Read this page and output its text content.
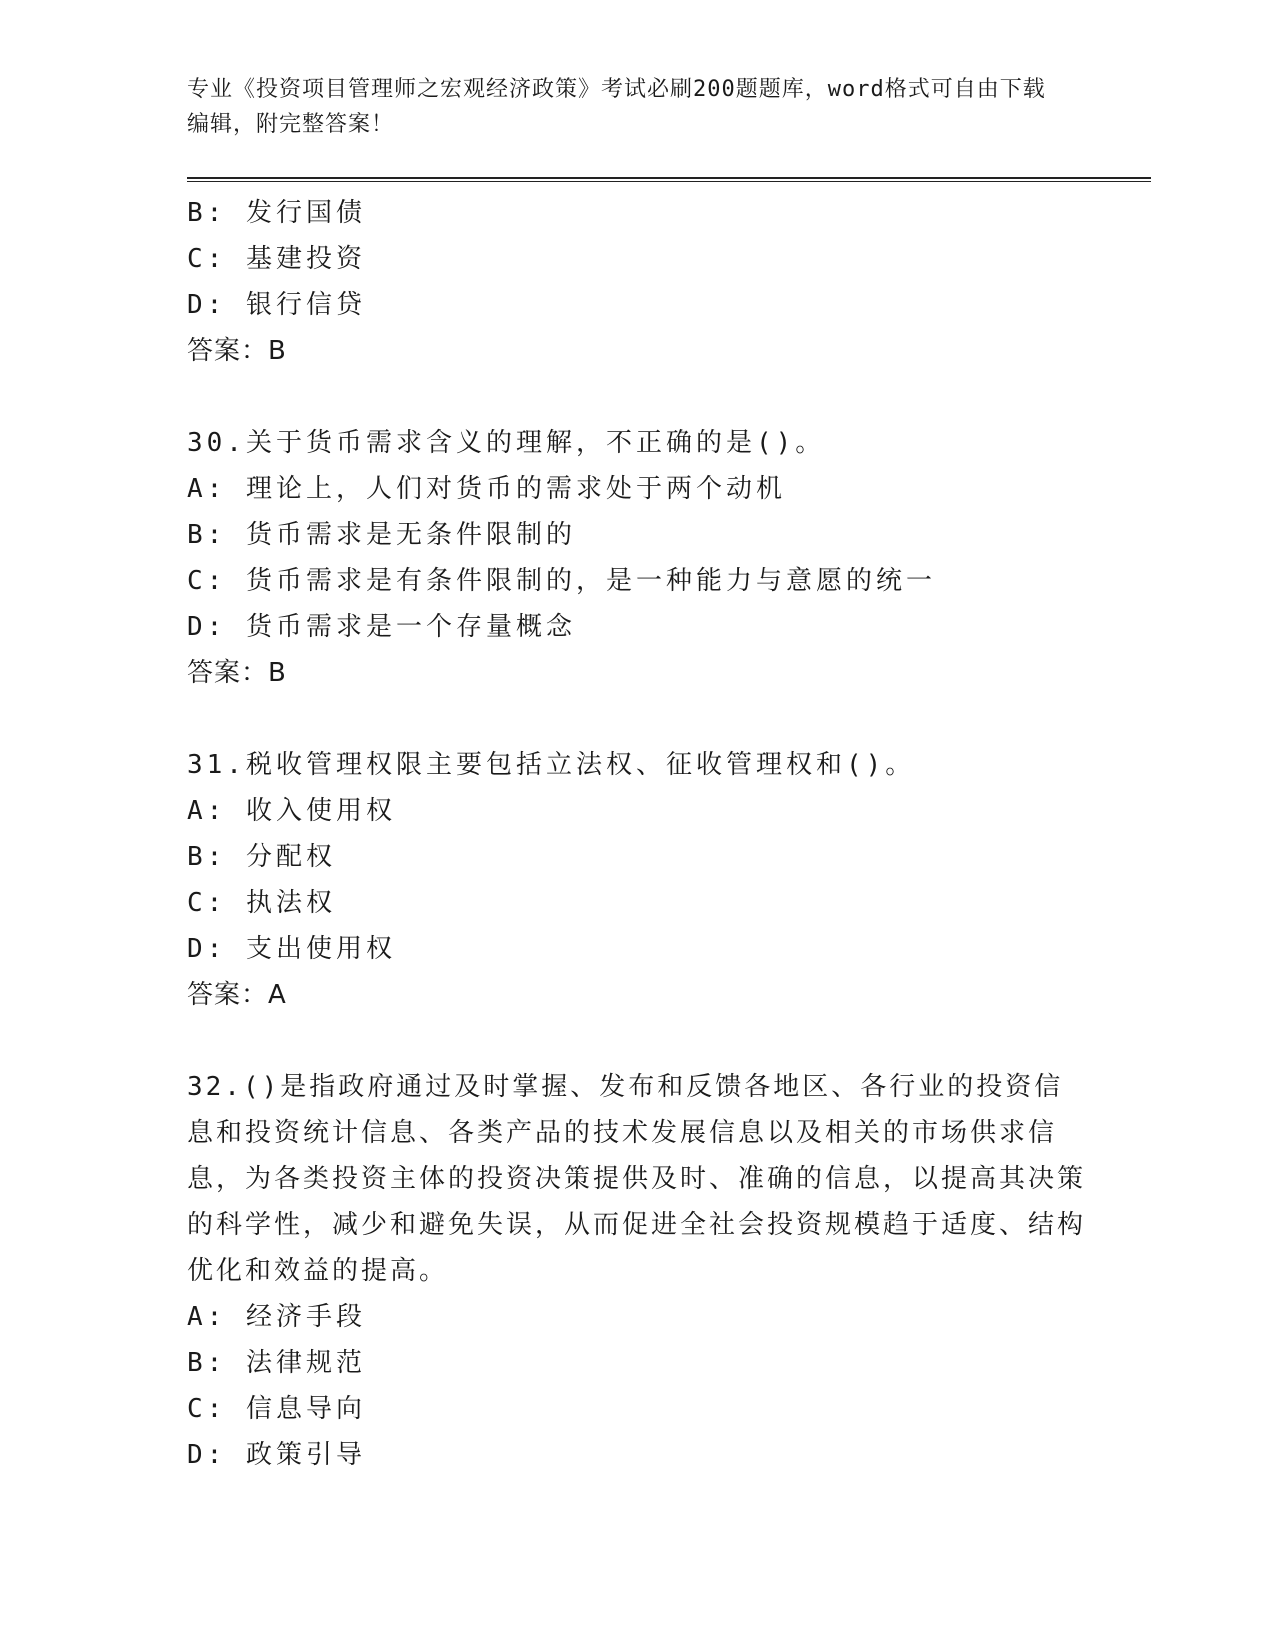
专业《投资项目管理师之宏观经济政策》考试必刷200题题库，word格式可自由下载编辑，附完整答案！
B: 发行国债
C: 基建投资
D: 银行信贷
答案：B
30.关于货币需求含义的理解，不正确的是()。
A: 理论上，人们对货币的需求处于两个动机
B: 货币需求是无条件限制的
C: 货币需求是有条件限制的，是一种能力与意愿的统一
D: 货币需求是一个存量概念
答案：B
31.税收管理权限主要包括立法权、征收管理权和()。
A: 收入使用权
B: 分配权
C: 执法权
D: 支出使用权
答案：A
32.()是指政府通过及时掌握、发布和反馈各地区、各行业的投资信息和投资统计信息、各类产品的技术发展信息以及相关的市场供求信息，为各类投资主体的投资决策提供及时、准确的信息，以提高其决策的科学性，减少和避免失误，从而促进全社会投资规模趋于适度、结构优化和效益的提高。
A: 经济手段
B: 法律规范
C: 信息导向
D: 政策引导
